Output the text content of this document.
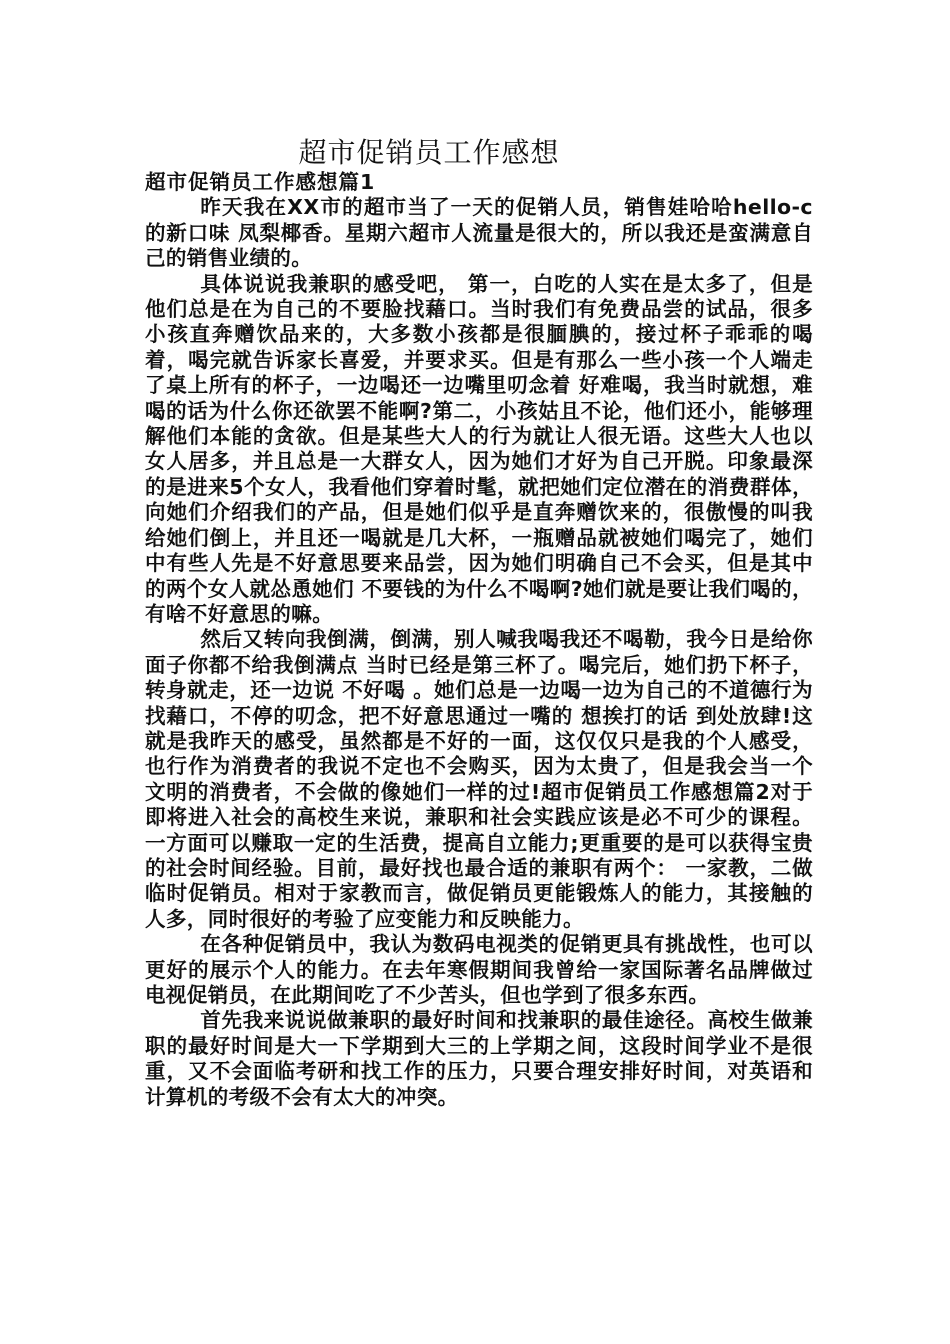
超市促销员工作感想

超市促销员工作感想篇1

昨天我在XX市的超市当了一天的促销人员，销售娃哈哈hello-c的新口味 凤梨椰香。星期六超市人流量是很大的，所以我还是蛮满意自己的销售业绩的。

具体说说我兼职的感受吧， 第一，白吃的人实在是太多了，但是他们总是在为自己的不要脸找藉口。当时我们有免费品尝的试品，很多小孩直奔赠饮品来的，大多数小孩都是很腼腆的，接过杯子乖乖的喝着，喝完就告诉家长喜爱，并要求买。但是有那么一些小孩一个人端走了桌上所有的杯子，一边喝还一边嘴里叨念着 好难喝，我当时就想，难喝的话为什么你还欲罢不能啊?第二，小孩姑且不论，他们还小，能够理解他们本能的贪欲。但是某些大人的行为就让人很无语。这些大人也以女人居多，并且总是一大群女人，因为她们才好为自己开脱。印象最深的是进来5个女人，我看他们穿着时髦，就把她们定位潜在的消费群体，向她们介绍我们的产品，但是她们似乎是直奔赠饮来的，很傲慢的叫我给她们倒上，并且还一喝就是几大杯，一瓶赠品就被她们喝完了，她们中有些人先是不好意思要来品尝，因为她们明确自己不会买，但是其中的两个女人就怂恿她们 不要钱的为什么不喝啊?她们就是要让我们喝的，有啥不好意思的嘛。

然后又转向我倒满，倒满，别人喊我喝我还不喝勒，我今日是给你面子你都不给我倒满点 当时已经是第三杯了。喝完后，她们扔下杯子，转身就走，还一边说 不好喝 。她们总是一边喝一边为自己的不道德行为找藉口，不停的叨念，把不好意思通过一嘴的 想挨打的话 到处放肆!这就是我昨天的感受，虽然都是不好的一面，这仅仅只是我的个人感受，也行作为消费者的我说不定也不会购买，因为太贵了，但是我会当一个文明的消费者，不会做的像她们一样的过!超市促销员工作感想篇2对于即将进入社会的高校生来说，兼职和社会实践应该是必不可少的课程。一方面可以赚取一定的生活费，提高自立能力;更重要的是可以获得宝贵的社会时间经验。目前，最好找也最合适的兼职有两个： 一家教，二做临时促销员。相对于家教而言，做促销员更能锻炼人的能力，其接触的人多，同时很好的考验了应变能力和反映能力。

在各种促销员中，我认为数码电视类的促销更具有挑战性，也可以更好的展示个人的能力。在去年寒假期间我曾给一家国际著名品牌做过电视促销员，在此期间吃了不少苦头，但也学到了很多东西。

首先我来说说做兼职的最好时间和找兼职的最佳途径。高校生做兼职的最好时间是大一下学期到大三的上学期之间，这段时间学业不是很重，又不会面临考研和找工作的压力，只要合理安排好时间，对英语和计算机的考级不会有太大的冲突。
